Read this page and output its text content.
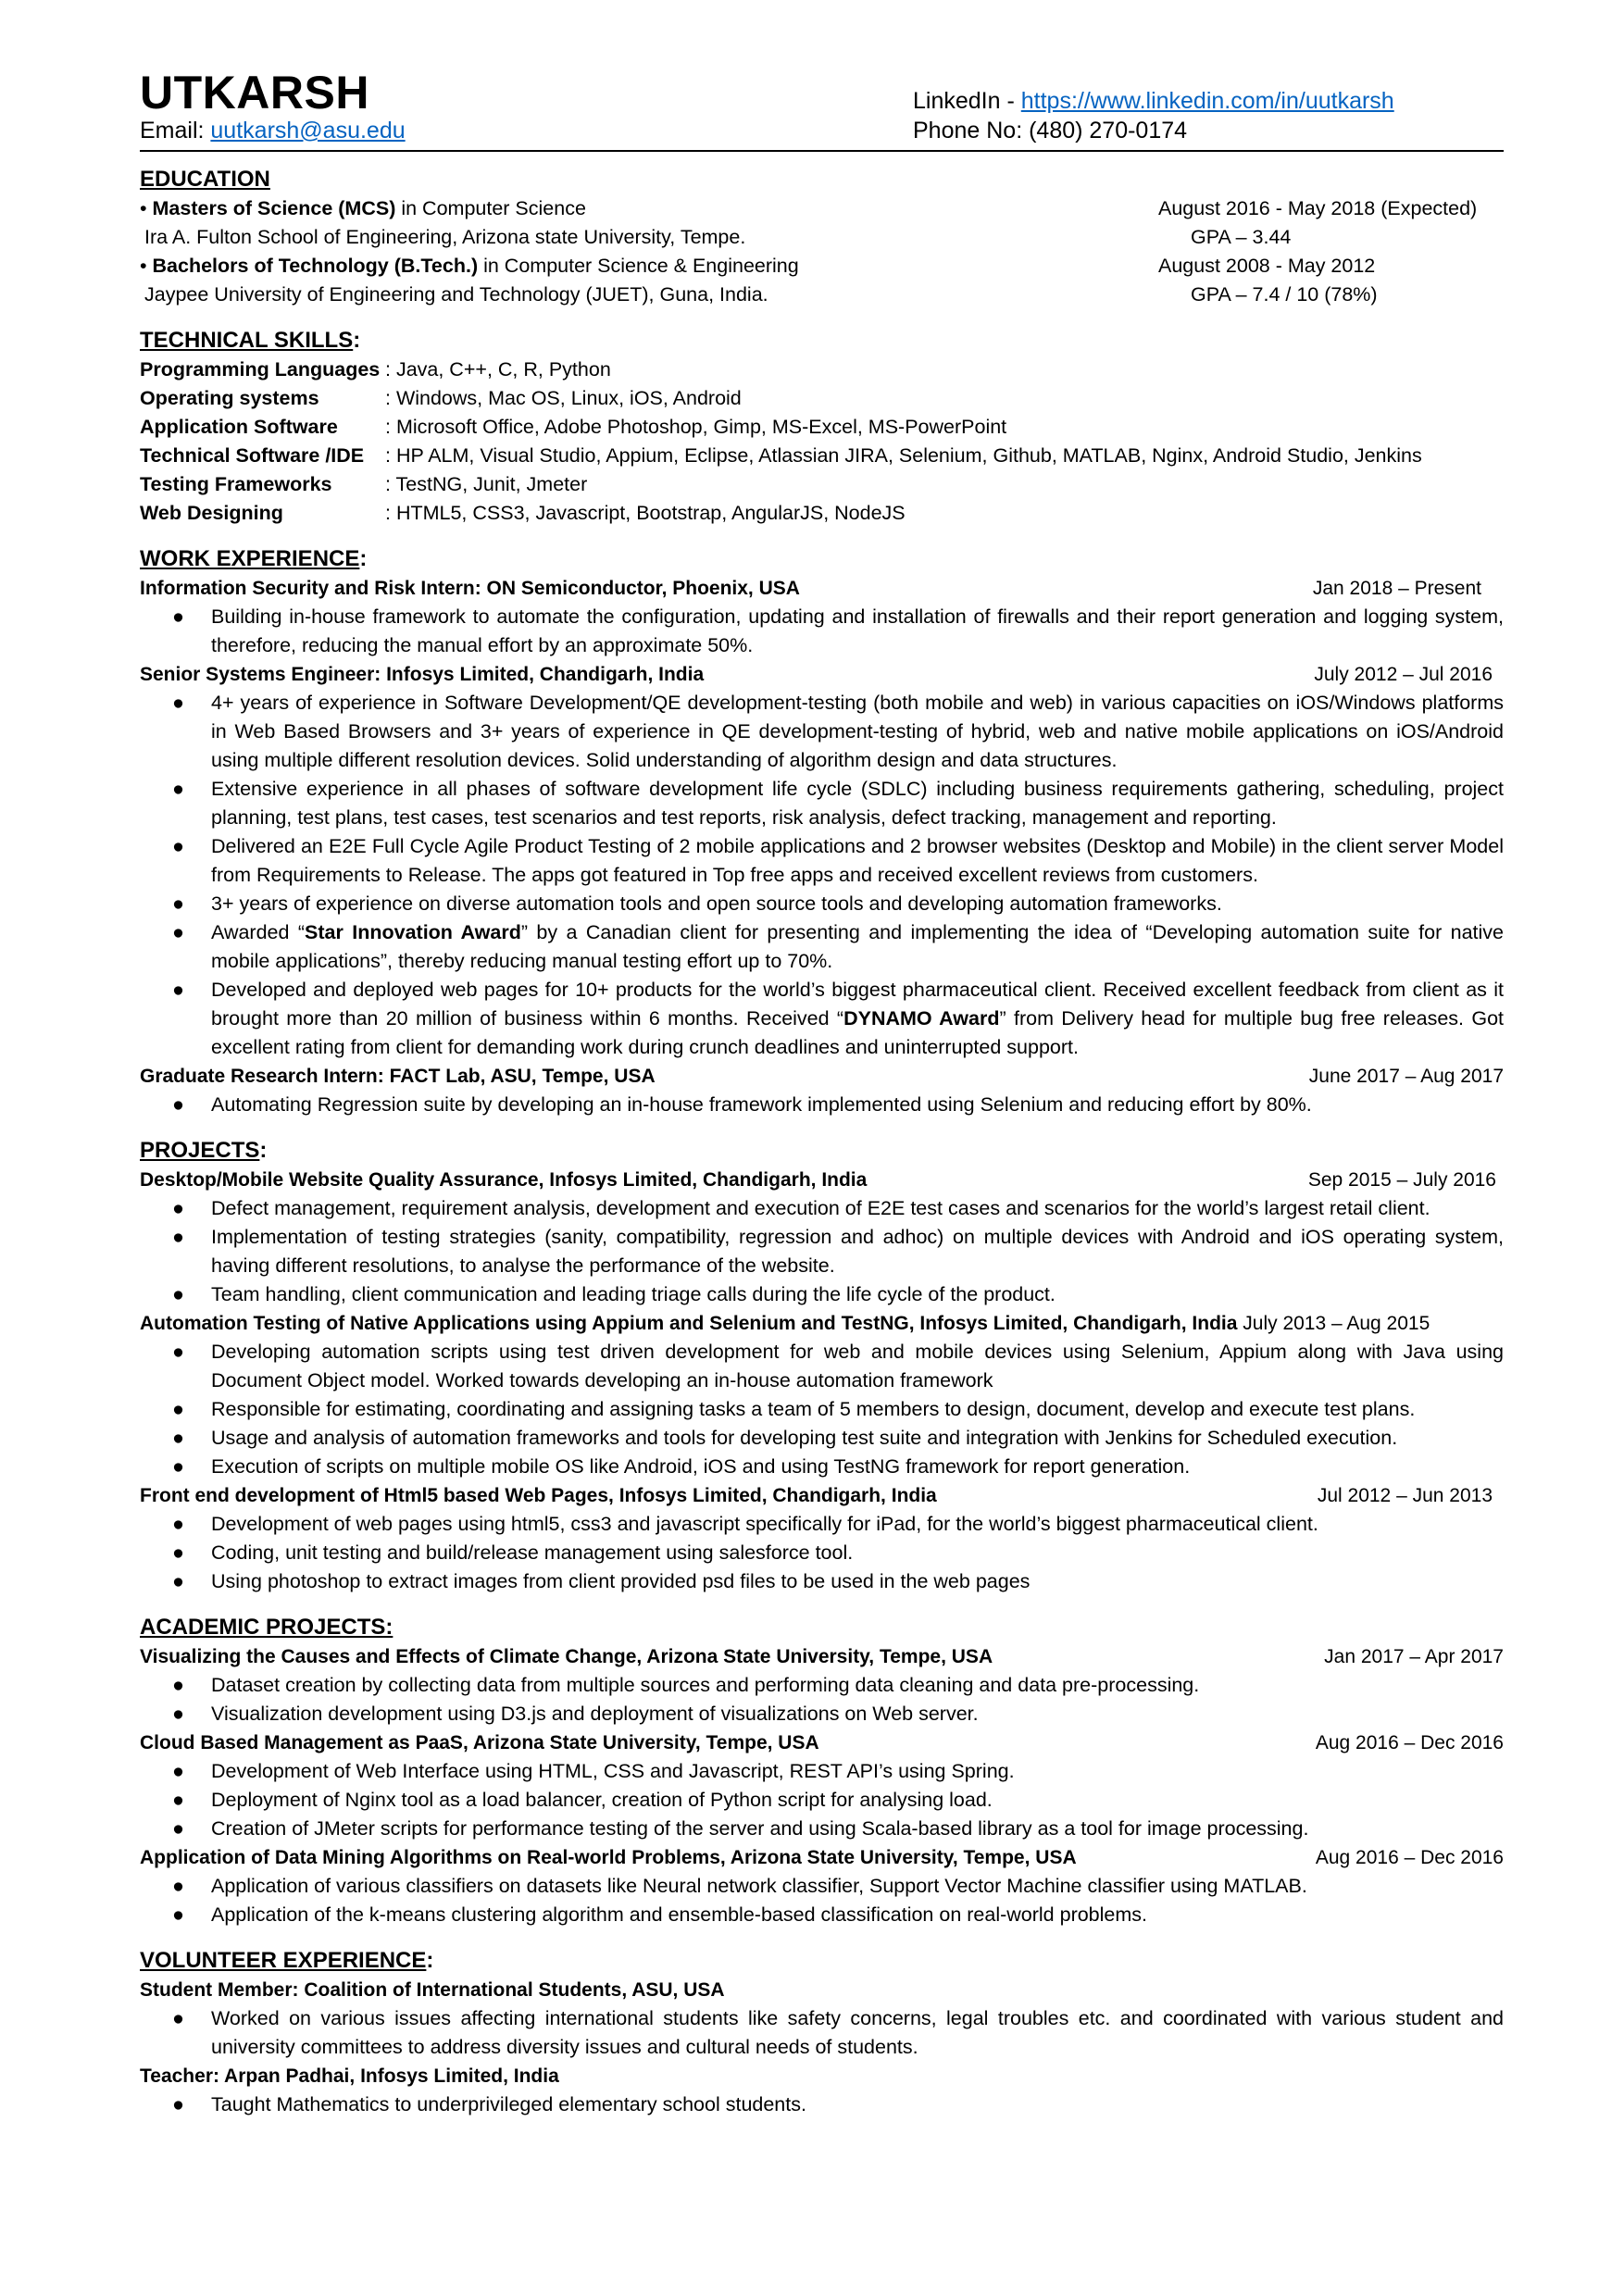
UTKARSH
Email: uutkarsh@asu.edu
LinkedIn - https://www.linkedin.com/in/uutkarsh
Phone No: (480) 270-0174
EDUCATION
• Masters of Science (MCS) in Computer Science	August 2016 - May 2018 (Expected)
Ira A. Fulton School of Engineering, Arizona state University, Tempe.	GPA – 3.44
• Bachelors of Technology (B.Tech.) in Computer Science & Engineering	August 2008 - May 2012
Jaypee University of Engineering and Technology (JUET), Guna, India.	GPA – 7.4 / 10 (78%)
TECHNICAL SKILLS:
Programming Languages : Java, C++, C, R, Python
Operating systems	: Windows, Mac OS, Linux, iOS, Android
Application Software : Microsoft Office, Adobe Photoshop, Gimp, MS-Excel, MS-PowerPoint
Technical Software /IDE : HP ALM, Visual Studio, Appium, Eclipse, Atlassian JIRA, Selenium, Github, MATLAB, Nginx, Android Studio, Jenkins
Testing Frameworks	: TestNG, Junit, Jmeter
Web Designing	: HTML5, CSS3, Javascript, Bootstrap, AngularJS, NodeJS
WORK EXPERIENCE:
Information Security and Risk Intern: ON Semiconductor, Phoenix, USA	Jan 2018 – Present
● Building in-house framework to automate the configuration, updating and installation of firewalls and their report generation and logging system, therefore, reducing the manual effort by an approximate 50%.
Senior Systems Engineer: Infosys Limited, Chandigarh, India	July 2012 – Jul 2016
● 4+ years of experience in Software Development/QE development-testing (both mobile and web) in various capacities on iOS/Windows platforms in Web Based Browsers and 3+ years of experience in QE development-testing of hybrid, web and native mobile applications on iOS/Android using multiple different resolution devices. Solid understanding of algorithm design and data structures.
● Extensive experience in all phases of software development life cycle (SDLC) including business requirements gathering, scheduling, project planning, test plans, test cases, test scenarios and test reports, risk analysis, defect tracking, management and reporting.
● Delivered an E2E Full Cycle Agile Product Testing of 2 mobile applications and 2 browser websites (Desktop and Mobile) in the client server Model from Requirements to Release. The apps got featured in Top free apps and received excellent reviews from customers.
● 3+ years of experience on diverse automation tools and open source tools and developing automation frameworks.
● Awarded “Star Innovation Award” by a Canadian client for presenting and implementing the idea of “Developing automation suite for native mobile applications”, thereby reducing manual testing effort up to 70%.
● Developed and deployed web pages for 10+ products for the world’s biggest pharmaceutical client. Received excellent feedback from client as it brought more than 20 million of business within 6 months. Received “DYNAMO Award” from Delivery head for multiple bug free releases. Got excellent rating from client for demanding work during crunch deadlines and uninterrupted support.
Graduate Research Intern: FACT Lab, ASU, Tempe, USA	June 2017 – Aug 2017
● Automating Regression suite by developing an in-house framework implemented using Selenium and reducing effort by 80%.
PROJECTS:
Desktop/Mobile Website Quality Assurance, Infosys Limited, Chandigarh, India	Sep 2015 – July 2016
● Defect management, requirement analysis, development and execution of E2E test cases and scenarios for the world’s largest retail client.
● Implementation of testing strategies (sanity, compatibility, regression and adhoc) on multiple devices with Android and iOS operating system, having different resolutions, to analyse the performance of the website.
● Team handling, client communication and leading triage calls during the life cycle of the product.
Automation Testing of Native Applications using Appium and Selenium and TestNG, Infosys Limited, Chandigarh, India July 2013 – Aug 2015
● Developing automation scripts using test driven development for web and mobile devices using Selenium, Appium along with Java using Document Object model. Worked towards developing an in-house automation framework
● Responsible for estimating, coordinating and assigning tasks a team of 5 members to design, document, develop and execute test plans.
● Usage and analysis of automation frameworks and tools for developing test suite and integration with Jenkins for Scheduled execution.
● Execution of scripts on multiple mobile OS like Android, iOS and using TestNG framework for report generation.
Front end development of Html5 based Web Pages, Infosys Limited, Chandigarh, India	Jul 2012 – Jun 2013
● Development of web pages using html5, css3 and javascript specifically for iPad, for the world’s biggest pharmaceutical client.
● Coding, unit testing and build/release management using salesforce tool.
● Using photoshop to extract images from client provided psd files to be used in the web pages
ACADEMIC PROJECTS:
Visualizing the Causes and Effects of Climate Change, Arizona State University, Tempe, USA	Jan 2017 – Apr 2017
● Dataset creation by collecting data from multiple sources and performing data cleaning and data pre-processing.
● Visualization development using D3.js and deployment of visualizations on Web server.
Cloud Based Management as PaaS, Arizona State University, Tempe, USA	Aug 2016 – Dec 2016
● Development of Web Interface using HTML, CSS and Javascript, REST API’s using Spring.
● Deployment of Nginx tool as a load balancer, creation of Python script for analysing load.
● Creation of JMeter scripts for performance testing of the server and using Scala-based library as a tool for image processing.
Application of Data Mining Algorithms on Real-world Problems, Arizona State University, Tempe, USA	Aug 2016 – Dec 2016
● Application of various classifiers on datasets like Neural network classifier, Support Vector Machine classifier using MATLAB.
● Application of the k-means clustering algorithm and ensemble-based classification on real-world problems.
VOLUNTEER EXPERIENCE:
Student Member: Coalition of International Students, ASU, USA
● Worked on various issues affecting international students like safety concerns, legal troubles etc. and coordinated with various student and university committees to address diversity issues and cultural needs of students.
Teacher: Arpan Padhai, Infosys Limited, India
● Taught Mathematics to underprivileged elementary school students.
